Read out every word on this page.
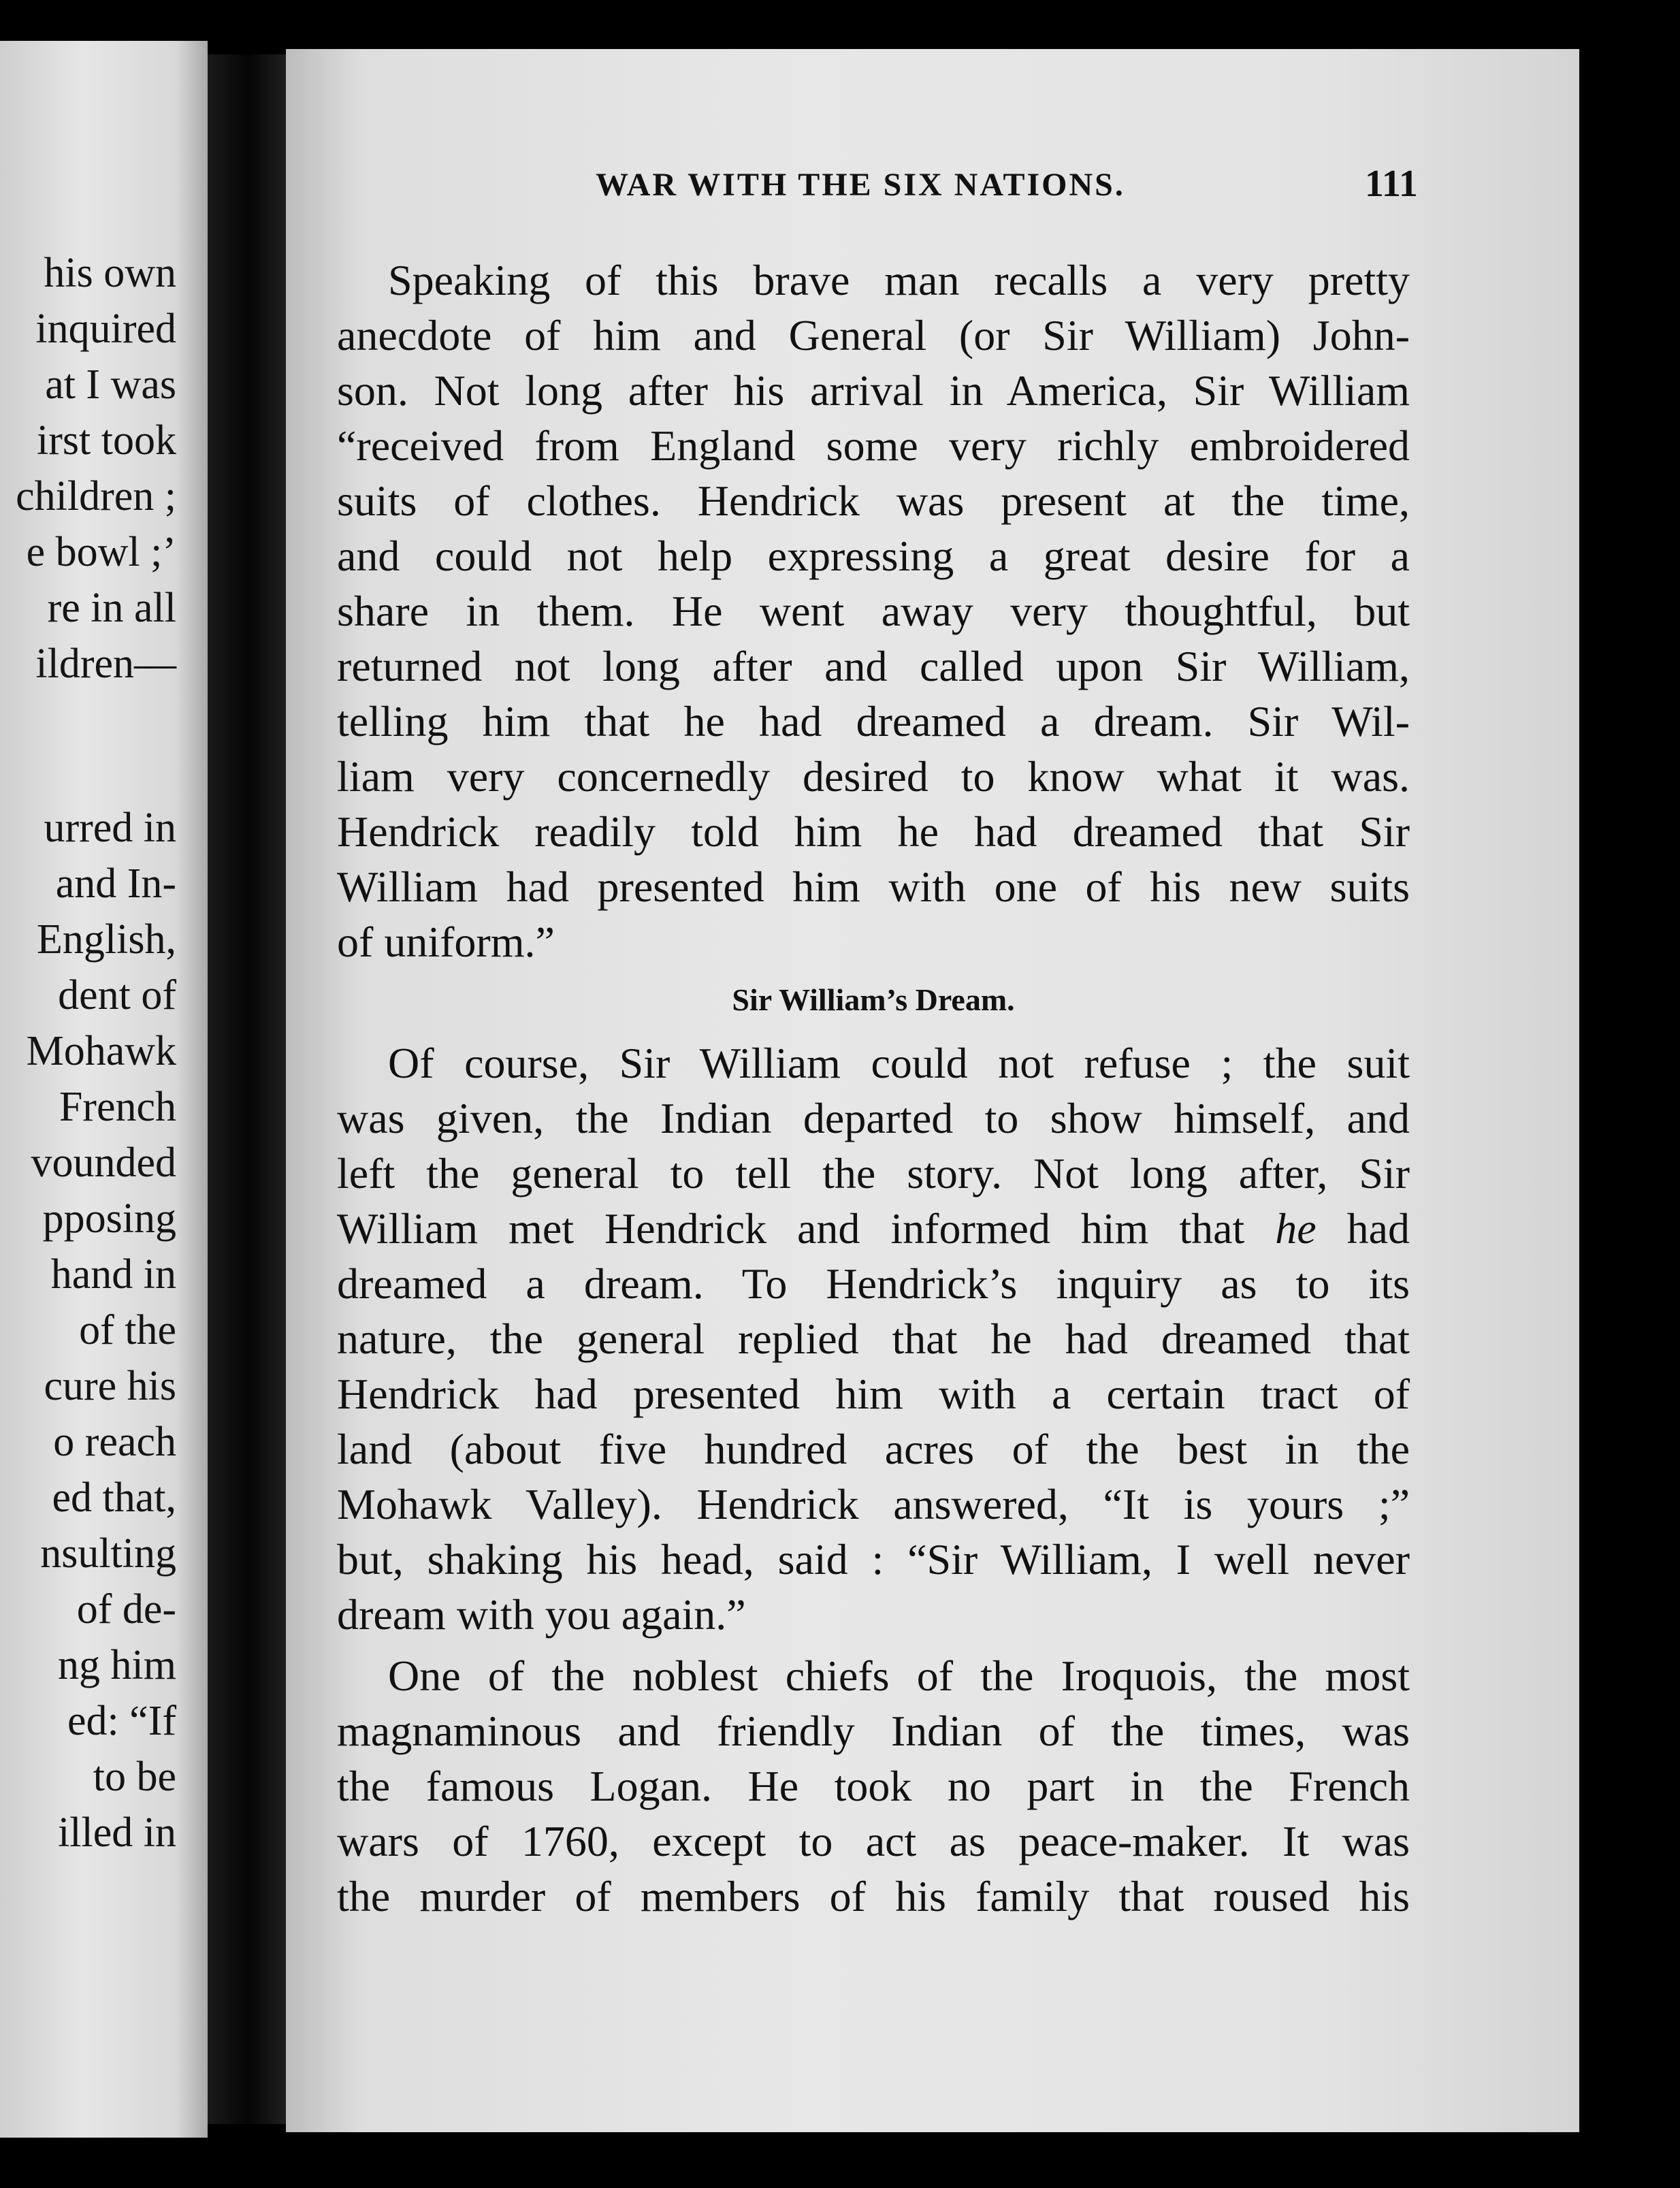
his own
inquired
at I was
irst took
children ;
e bowl ;’
re in all
ildren—
urred in
and In-
English,
dent of
Mohawk
French
vounded
pposing
hand in
of the
cure his
o reach
ed that,
nsulting
of de-
ng him
ed: “If
to be
illed in
WAR WITH THE SIX NATIONS.	111
Speaking of this brave man recalls a very pretty
anecdote of him and General (or Sir William) John-
son. Not long after his arrival in America, Sir William
“received from England some very richly embroidered
suits of clothes. Hendrick was present at the time,
and could not help expressing a great desire for a
share in them. He went away very thoughtful, but
returned not long after and called upon Sir William,
telling him that he had dreamed a dream. Sir Wil-
liam very concernedly desired to know what it was.
Hendrick readily told him he had dreamed that Sir
William had presented him with one of his new suits
of uniform.”
Sir William’s Dream.
Of course, Sir William could not refuse ; the suit
was given, the Indian departed to show himself, and
left the general to tell the story. Not long after, Sir
William met Hendrick and informed him that he had
dreamed a dream. To Hendrick’s inquiry as to its
nature, the general replied that he had dreamed that
Hendrick had presented him with a certain tract of
land (about five hundred acres of the best in the
Mohawk Valley). Hendrick answered, “It is yours ;”
but, shaking his head, said : “Sir William, I well never
dream with you again.”
One of the noblest chiefs of the Iroquois, the most
magnaminous and friendly Indian of the times, was
the famous Logan. He took no part in the French
wars of 1760, except to act as peace-maker. It was
the murder of members of his family that roused his
